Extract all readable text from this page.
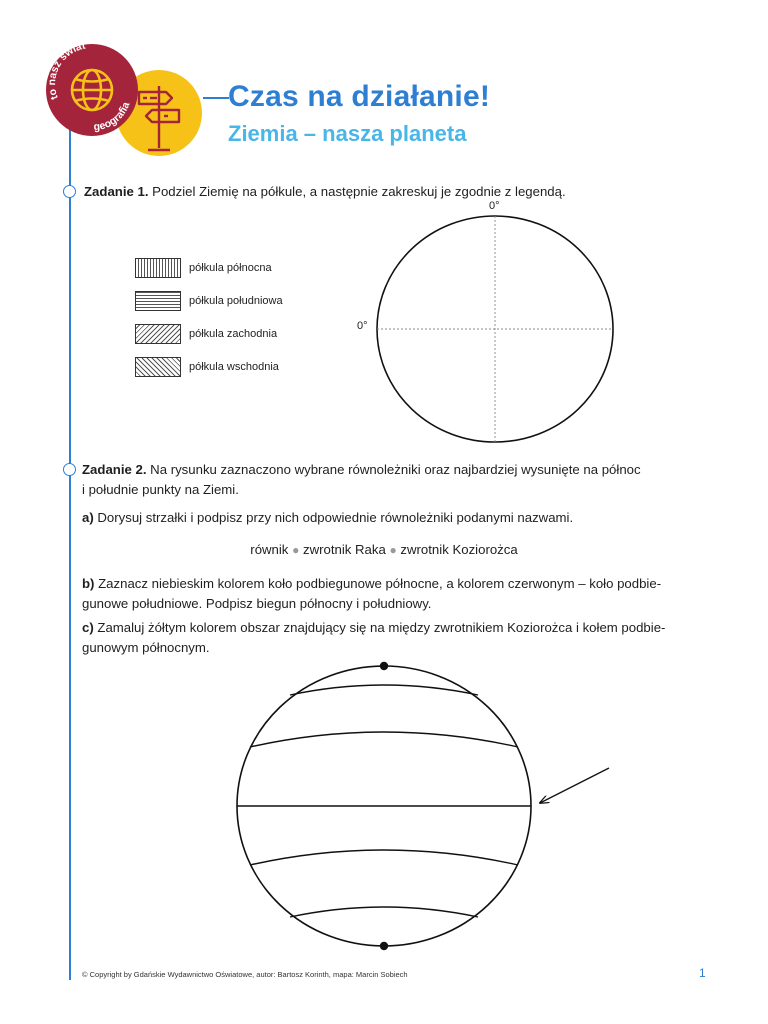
to nasz świat
geografia	Czas na działanie!
Ziemia – nasza planeta
Zadanie 1. Podziel Ziemię na półkule, a następnie zakreskuj je zgodnie z legendą.
półkula północna
półkula południowa
półkula zachodnia
półkula wschodnia
0°
0°
Zadanie 2. Na rysunku zaznaczono wybrane równoleżniki oraz najbardziej wysunięte na północ
i południe punkty na Ziemi.
a) Dorysuj strzałki i podpisz przy nich odpowiednie równoleżniki podanymi nazwami.
równik ● zwrotnik Raka ● zwrotnik Koziorożca
b) Zaznacz niebieskim kolorem koło podbiegunowe północne, a kolorem czerwonym – koło podbie-
gunowe południowe. Podpisz biegun północny i południowy.
c) Zamaluj żółtym kolorem obszar znajdujący się na między zwrotnikiem Koziorożca i kołem podbie-
gunowym północnym.
© Copyright by Gdańskie Wydawnictwo Oświatowe, autor: Bartosz Korinth, mapa: Marcin Sobiech	1
